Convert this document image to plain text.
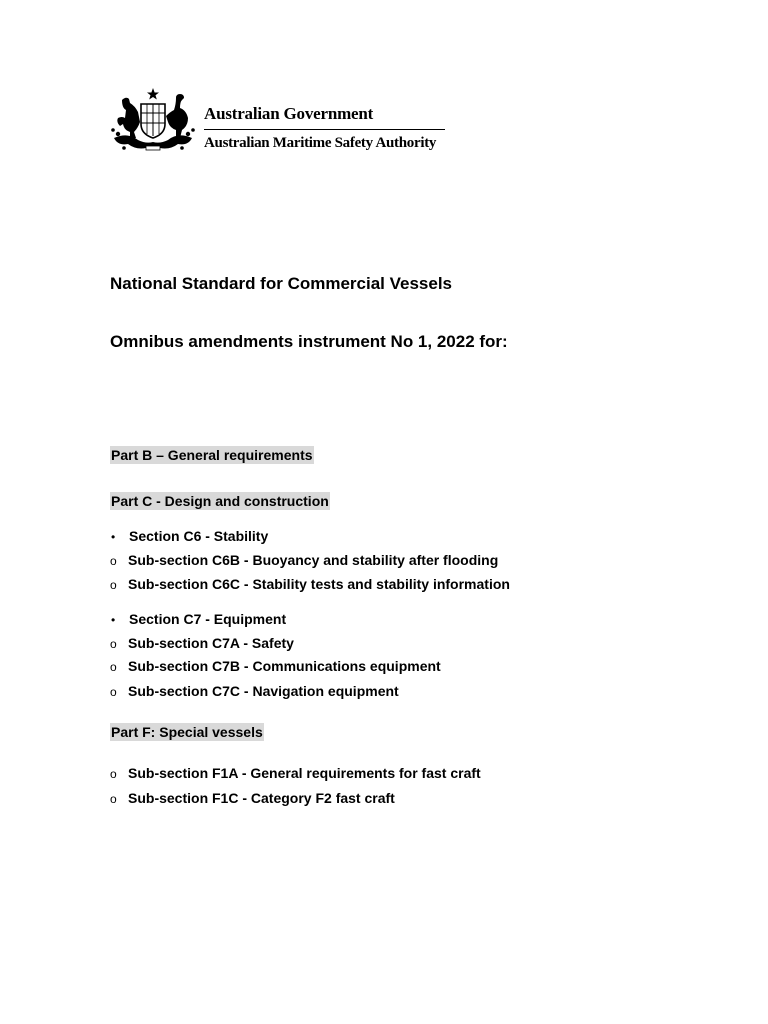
Australian Government
Australian Maritime Safety Authority
National Standard for Commercial Vessels
Omnibus amendments instrument No 1, 2022 for:
Part B – General requirements
Part C - Design and construction
• Section C6 - Stability
o Sub-section C6B - Buoyancy and stability after flooding
o Sub-section C6C - Stability tests and stability information
• Section C7 - Equipment
o Sub-section C7A - Safety
o Sub-section C7B - Communications equipment
o Sub-section C7C - Navigation equipment
Part F: Special vessels
o Sub-section F1A - General requirements for fast craft
o Sub-section F1C - Category F2 fast craft
